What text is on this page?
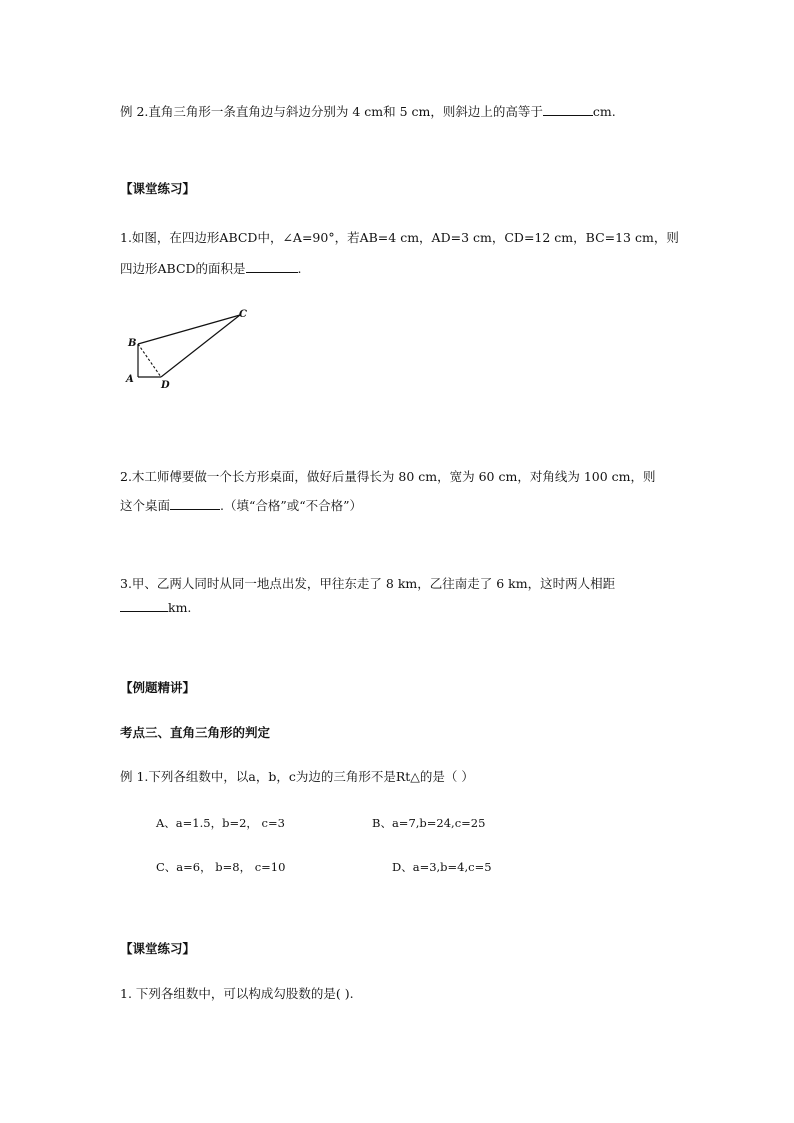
例 2.直角三角形一条直角边与斜边分别为 4 cm和 5 cm，则斜边上的高等于	cm.
【课堂练习】
1.如图，在四边形ABCD中，∠A=90°，若AB=4 cm，AD=3 cm，CD=12 cm，BC=13 cm，则
四边形ABCD的面积是	.
B
A
D
C
2.木工师傅要做一个长方形桌面，做好后量得长为 80 cm，宽为 60 cm，对角线为 100 cm，则
这个桌面	.（填“合格”或“不合格”）
3.甲、乙两人同时从同一地点出发，甲往东走了 8 km，乙往南走了 6 km，这时两人相距
km.
【例题精讲】
考点三、直角三角形的判定
例 1.下列各组数中，以a，b，c为边的三角形不是Rt△的是（ ）
A、a=1.5，b=2， c=3	B、a=7,b=24,c=25
C、a=6， b=8， c=10	D、a=3,b=4,c=5
【课堂练习】
1. 下列各组数中，可以构成勾股数的是( ).
